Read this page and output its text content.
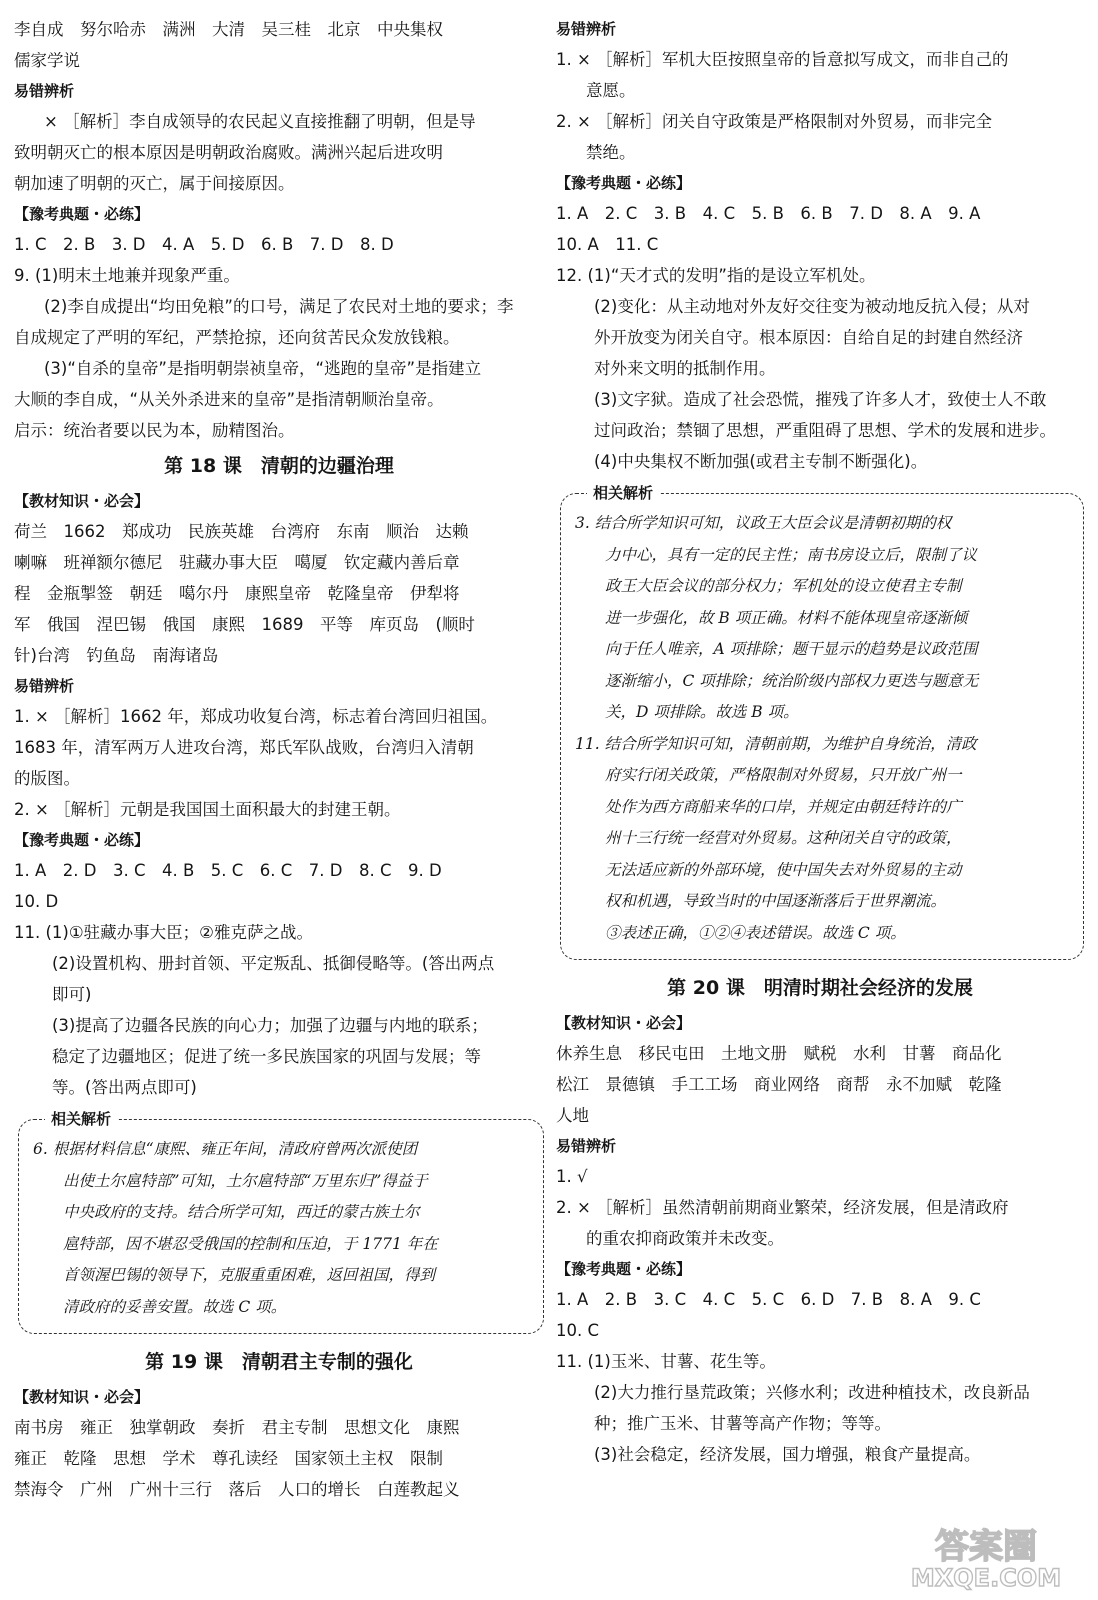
李自成　努尔哈赤　满洲　大清　吴三桂　北京　中央集权
儒家学说
易错辨析
× ［解析］李自成领导的农民起义直接推翻了明朝，但是导
致明朝灭亡的根本原因是明朝政治腐败。满洲兴起后进攻明
朝加速了明朝的灭亡，属于间接原因。
【豫考典题・必练】
1. C　2. B　3. D　4. A　5. D　6. B　7. D　8. D
9. (1)明末土地兼并现象严重。
(2)李自成提出“均田免粮”的口号，满足了农民对土地的要求；李
自成规定了严明的军纪，严禁抢掠，还向贫苦民众发放钱粮。
(3)“自杀的皇帝”是指明朝崇祯皇帝，“逃跑的皇帝”是指建立
大顺的李自成，“从关外杀进来的皇帝”是指清朝顺治皇帝。
启示：统治者要以民为本，励精图治。
第 18 课　清朝的边疆治理
【教材知识・必会】
荷兰　1662　郑成功　民族英雄　台湾府　东南　顺治　达赖
喇嘛　班禅额尔德尼　驻藏办事大臣　噶厦　钦定藏内善后章
程　金瓶掣签　朝廷　噶尔丹　康熙皇帝　乾隆皇帝　伊犁将
军　俄国　涅巴锡　俄国　康熙　1689　平等　库页岛　(顺时
针)台湾　钓鱼岛　南海诸岛
易错辨析
1. × ［解析］1662 年，郑成功收复台湾，标志着台湾回归祖国。
1683 年，清军两万人进攻台湾，郑氏军队战败，台湾归入清朝
的版图。
2. × ［解析］元朝是我国国土面积最大的封建王朝。
【豫考典题・必练】
1. A　2. D　3. C　4. B　5. C　6. C　7. D　8. C　9. D
10. D
11. (1)①驻藏办事大臣；②雅克萨之战。
(2)设置机构、册封首领、平定叛乱、抵御侵略等。(答出两点
即可)
(3)提高了边疆各民族的向心力；加强了边疆与内地的联系；
稳定了边疆地区；促进了统一多民族国家的巩固与发展；等
等。(答出两点即可)
相关解析
6. 根据材料信息“康熙、雍正年间，清政府曾两次派使团
出使土尔扈特部”可知，土尔扈特部“万里东归”得益于
中央政府的支持。结合所学可知，西迁的蒙古族土尔
扈特部，因不堪忍受俄国的控制和压迫，于 1771 年在
首领渥巴锡的领导下，克服重重困难，返回祖国，得到
清政府的妥善安置。故选 C 项。
第 19 课　清朝君主专制的强化
【教材知识・必会】
南书房　雍正　独掌朝政　奏折　君主专制　思想文化　康熙
雍正　乾隆　思想　学术　尊孔读经　国家领土主权　限制
禁海令　广州　广州十三行　落后　人口的增长　白莲教起义
易错辨析
1. × ［解析］军机大臣按照皇帝的旨意拟写成文，而非自己的
意愿。
2. × ［解析］闭关自守政策是严格限制对外贸易，而非完全
禁绝。
【豫考典题・必练】
1. A　2. C　3. B　4. C　5. B　6. B　7. D　8. A　9. A
10. A　11. C
12. (1)“天才式的发明”指的是设立军机处。
(2)变化：从主动地对外友好交往变为被动地反抗入侵；从对
外开放变为闭关自守。根本原因：自给自足的封建自然经济
对外来文明的抵制作用。
(3)文字狱。造成了社会恐慌，摧残了许多人才，致使士人不敢
过问政治；禁锢了思想，严重阻碍了思想、学术的发展和进步。
(4)中央集权不断加强(或君主专制不断强化)。
相关解析
3. 结合所学知识可知，议政王大臣会议是清朝初期的权
力中心，具有一定的民主性；南书房设立后，限制了议
政王大臣会议的部分权力；军机处的设立使君主专制
进一步强化，故 B 项正确。材料不能体现皇帝逐渐倾
向于任人唯亲，A 项排除；题干显示的趋势是议政范围
逐渐缩小，C 项排除；统治阶级内部权力更迭与题意无
关，D 项排除。故选 B 项。
11. 结合所学知识可知，清朝前期，为维护自身统治，清政
府实行闭关政策，严格限制对外贸易，只开放广州一
处作为西方商船来华的口岸，并规定由朝廷特许的广
州十三行统一经营对外贸易。这种闭关自守的政策，
无法适应新的外部环境，使中国失去对外贸易的主动
权和机遇，导致当时的中国逐渐落后于世界潮流。
③表述正确，①②④表述错误。故选 C 项。
第 20 课　明清时期社会经济的发展
【教材知识・必会】
休养生息　移民屯田　土地文册　赋税　水利　甘薯　商品化
松江　景德镇　手工工场　商业网络　商帮　永不加赋　乾隆
人地
易错辨析
1. √
2. × ［解析］虽然清朝前期商业繁荣，经济发展，但是清政府
的重农抑商政策并未改变。
【豫考典题・必练】
1. A　2. B　3. C　4. C　5. C　6. D　7. B　8. A　9. C
10. C
11. (1)玉米、甘薯、花生等。
(2)大力推行垦荒政策；兴修水利；改进种植技术，改良新品
种；推广玉米、甘薯等高产作物；等等。
(3)社会稳定，经济发展，国力增强，粮食产量提高。
答案圈
MXQE.COM
